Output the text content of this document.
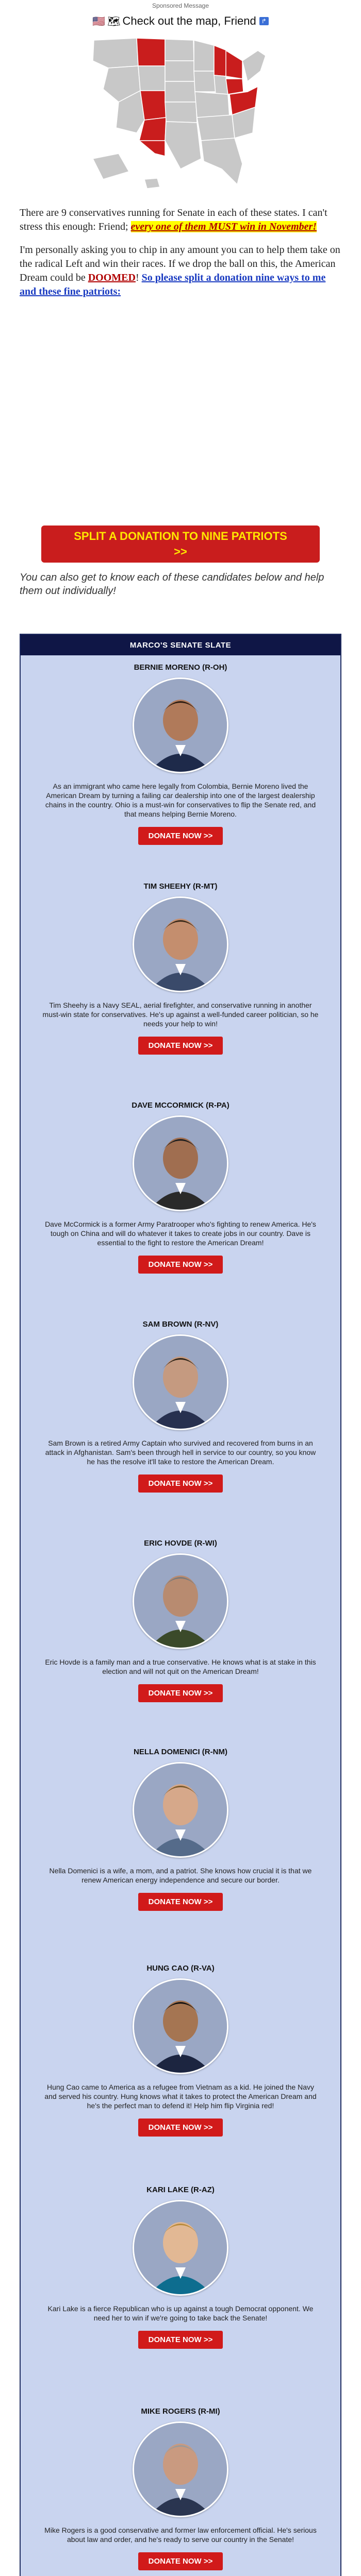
Sponsored Message
🇺🇸 🗺 Check out the map, Friend ↱

There are 9 conservatives running for Senate in each of these states. I can't stress this enough: Friend; every one of them MUST win in November!

I'm personally asking you to chip in any amount you can to help them take on the radical Left and win their races. If we drop the ball on this, the American Dream could be DOOMED! So please split a donation nine ways to me and these fine patriots:

SPLIT A DONATION TO NINE PATRIOTS >>
You can also get to know each of these candidates below and help them out individually!
MARCO'S SENATE SLATE
BERNIE MORENO (R-OH)
As an immigrant who came here legally from Colombia, Bernie Moreno lived the American Dream by turning a failing car dealership into one of the largest dealership chains in the country. Ohio is a must-win for conservatives to flip the Senate red, and that means helping Bernie Moreno.
DONATE NOW >>
TIM SHEEHY (R-MT)
Tim Sheehy is a Navy SEAL, aerial firefighter, and conservative running in another must-win state for conservatives. He's up against a well-funded career politician, so he needs your help to win!
DONATE NOW >>
DAVE MCCORMICK (R-PA)
Dave McCormick is a former Army Paratrooper who's fighting to renew America. He's tough on China and will do whatever it takes to create jobs in our country. Dave is essential to the fight to restore the American Dream!
DONATE NOW >>
SAM BROWN (R-NV)
Sam Brown is a retired Army Captain who survived and recovered from burns in an attack in Afghanistan. Sam's been through hell in service to our country, so you know he has the resolve it'll take to restore the American Dream.
DONATE NOW >>
ERIC HOVDE (R-WI)
Eric Hovde is a family man and a true conservative. He knows what is at stake in this election and will not quit on the American Dream!
DONATE NOW >>
NELLA DOMENICI (R-NM)
Nella Domenici is a wife, a mom, and a patriot. She knows how crucial it is that we renew American energy independence and secure our border.
DONATE NOW >>
HUNG CAO (R-VA)
Hung Cao came to America as a refugee from Vietnam as a kid. He joined the Navy and served his country. Hung knows what it takes to protect the American Dream and he's the perfect man to defend it! Help him flip Virginia red!
DONATE NOW >>
KARI LAKE (R-AZ)
Kari Lake is a fierce Republican who is up against a tough Democrat opponent. We need her to win if we're going to take back the Senate!
DONATE NOW >>
MIKE ROGERS (R-MI)
Mike Rogers is a good conservative and former law enforcement official. He's serious about law and order, and he's ready to serve our country in the Senate!
DONATE NOW >>
